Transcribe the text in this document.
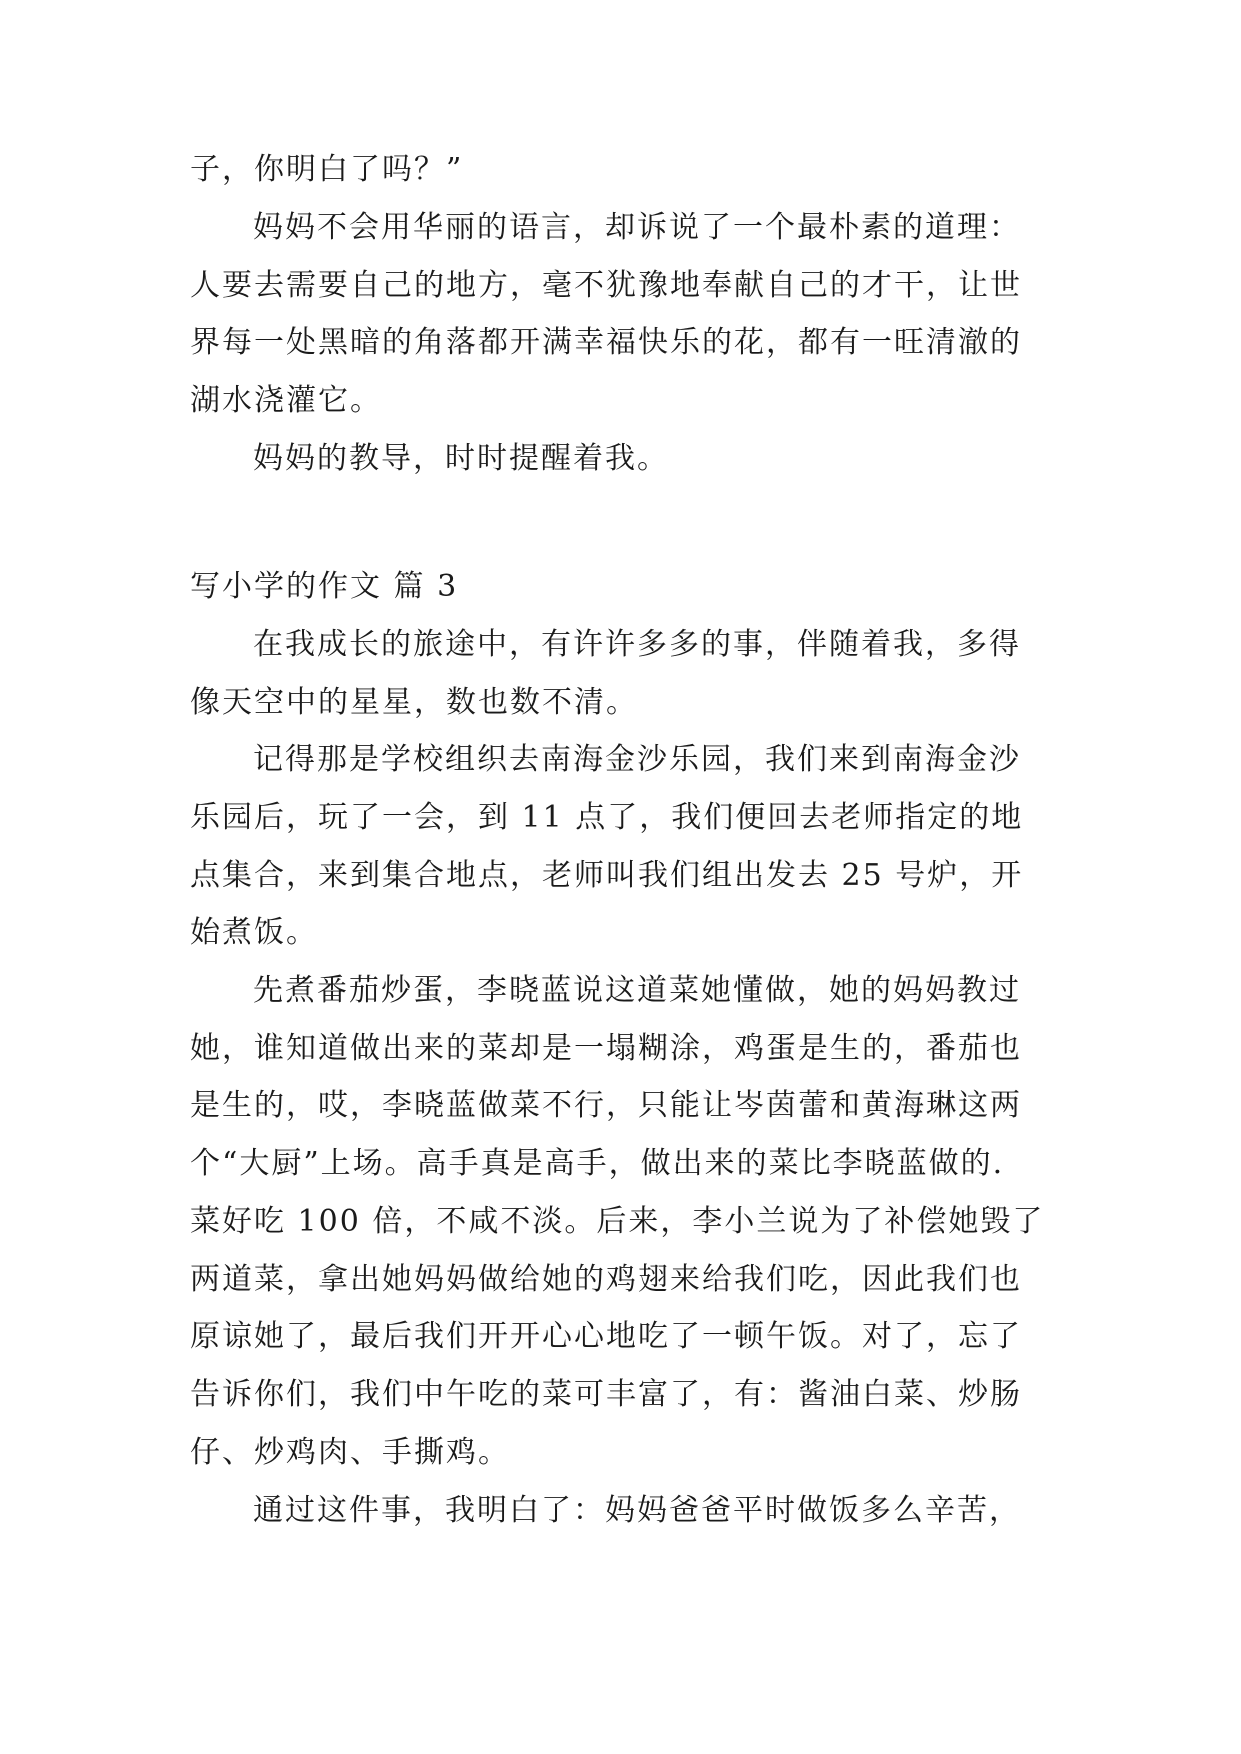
子，你明白了吗？”
妈妈不会用华丽的语言，却诉说了一个最朴素的道理：
人要去需要自己的地方，毫不犹豫地奉献自己的才干，让世
界每一处黑暗的角落都开满幸福快乐的花，都有一旺清澈的
湖水浇灌它。
妈妈的教导，时时提醒着我。
写小学的作文 篇 3
在我成长的旅途中，有许许多多的事，伴随着我，多得
像天空中的星星，数也数不清。
记得那是学校组织去南海金沙乐园，我们来到南海金沙
乐园后，玩了一会，到 11 点了，我们便回去老师指定的地
点集合，来到集合地点，老师叫我们组出发去 25 号炉，开
始煮饭。
先煮番茄炒蛋，李晓蓝说这道菜她懂做，她的妈妈教过
她，谁知道做出来的菜却是一塌糊涂，鸡蛋是生的，番茄也
是生的，哎，李晓蓝做菜不行，只能让岑茵蕾和黄海琳这两
个“大厨”上场。高手真是高手，做出来的菜比李晓蓝做的.
菜好吃 100 倍，不咸不淡。后来，李小兰说为了补偿她毁了
两道菜，拿出她妈妈做给她的鸡翅来给我们吃，因此我们也
原谅她了，最后我们开开心心地吃了一顿午饭。对了，忘了
告诉你们，我们中午吃的菜可丰富了，有：酱油白菜、炒肠
仔、炒鸡肉、手撕鸡。
通过这件事，我明白了：妈妈爸爸平时做饭多么辛苦，
